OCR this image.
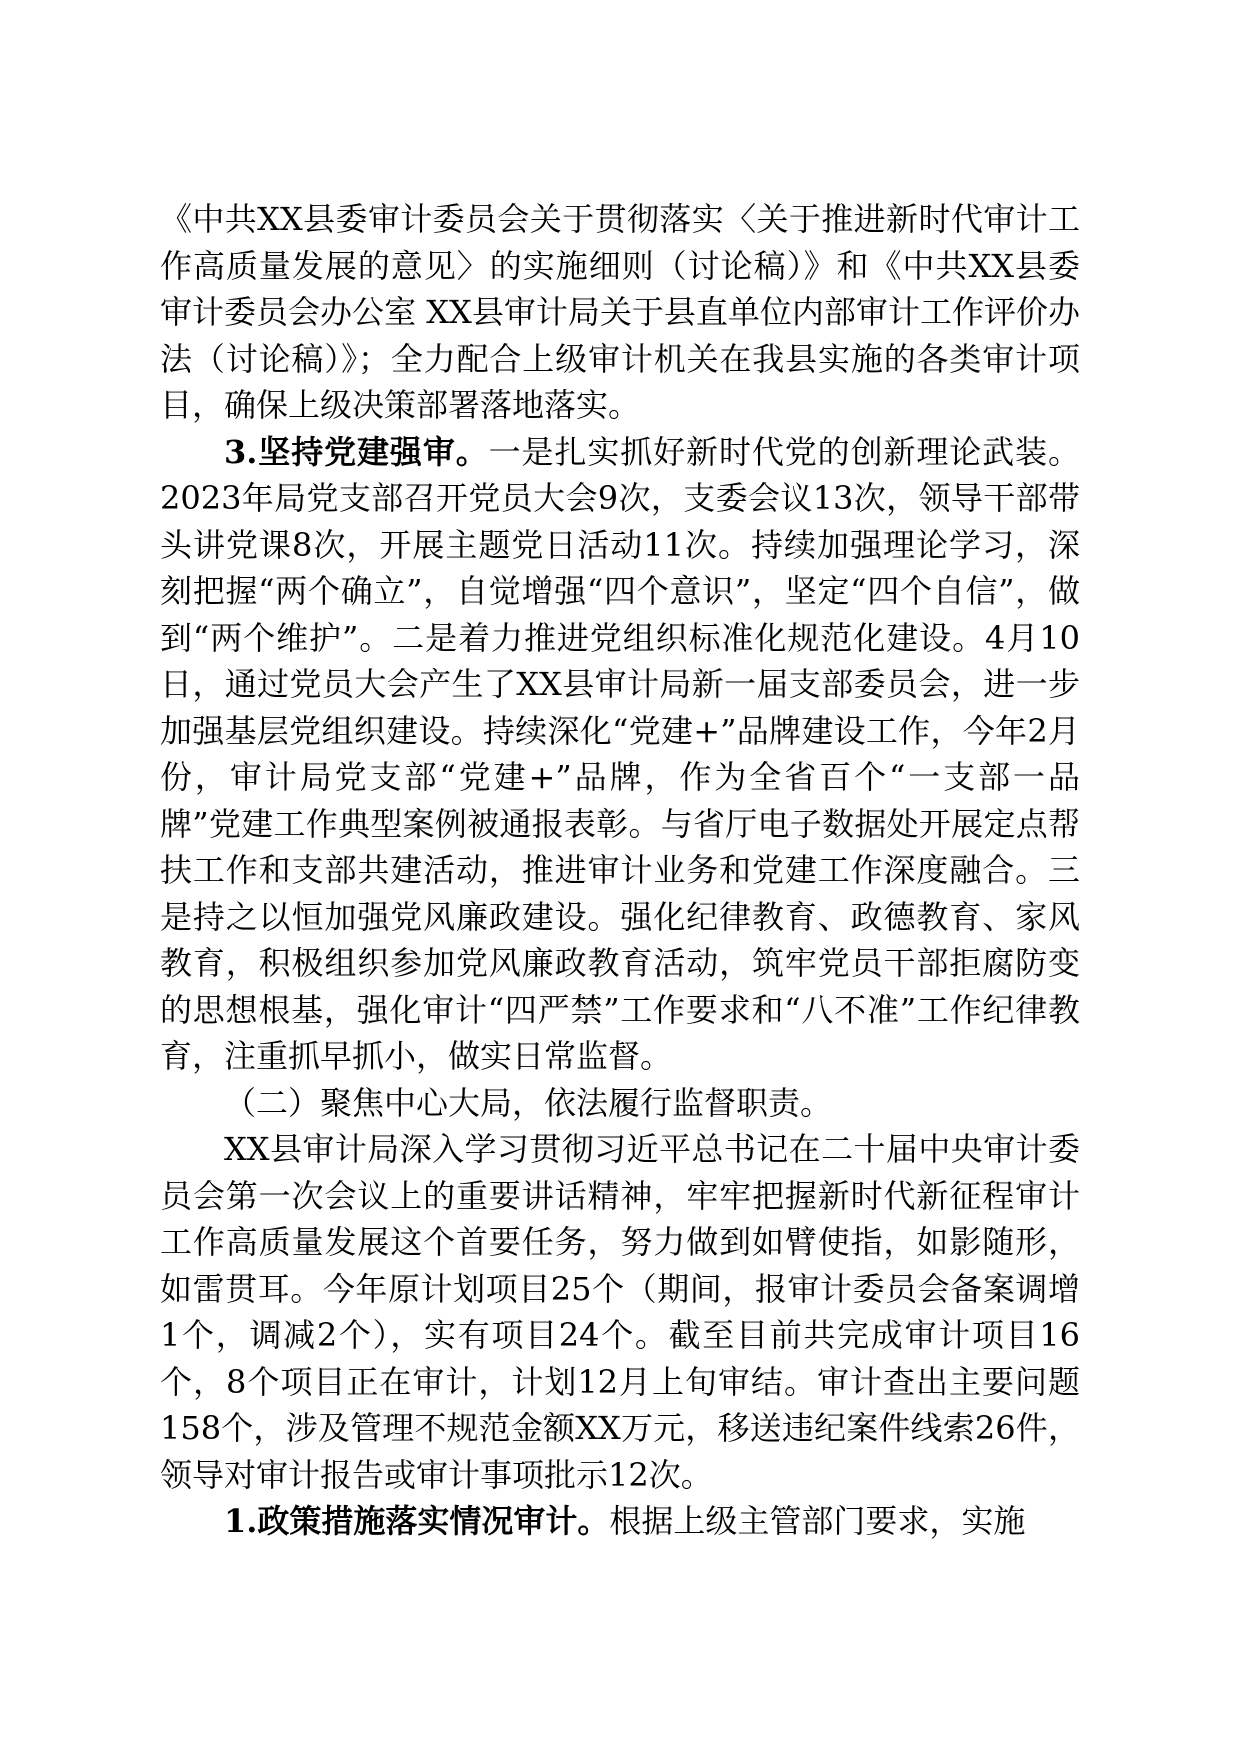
《中共XX县委审计委员会关于贯彻落实〈关于推进新时代审计工作高质量发展的意见〉的实施细则（讨论稿）》和《中共XX县委审计委员会办公室 XX县审计局关于县直单位内部审计工作评价办法（讨论稿）》；全力配合上级审计机关在我县实施的各类审计项目，确保上级决策部署落地落实。

3.坚持党建强审。一是扎实抓好新时代党的创新理论武装。2023年局党支部召开党员大会9次，支委会议13次，领导干部带头讲党课8次，开展主题党日活动11次。持续加强理论学习，深刻把握“两个确立”，自觉增强“四个意识”，坚定“四个自信”，做到“两个维护”。二是着力推进党组织标准化规范化建设。4月10日，通过党员大会产生了XX县审计局新一届支部委员会，进一步加强基层党组织建设。持续深化“党建+”品牌建设工作，今年2月份，审计局党支部“党建+”品牌，作为全省百个“一支部一品牌”党建工作典型案例被通报表彰。与省厅电子数据处开展定点帮扶工作和支部共建活动，推进审计业务和党建工作深度融合。三是持之以恒加强党风廉政建设。强化纪律教育、政德教育、家风教育，积极组织参加党风廉政教育活动，筑牢党员干部拒腐防变的思想根基，强化审计“四严禁”工作要求和“八不准”工作纪律教育，注重抓早抓小，做实日常监督。

（二）聚焦中心大局，依法履行监督职责。

XX县审计局深入学习贯彻习近平总书记在二十届中央审计委员会第一次会议上的重要讲话精神，牢牢把握新时代新征程审计工作高质量发展这个首要任务，努力做到如臂使指，如影随形，如雷贯耳。今年原计划项目25个（期间，报审计委员会备案调增1个，调减2个），实有项目24个。截至目前共完成审计项目16个，8个项目正在审计，计划12月上旬审结。审计查出主要问题158个，涉及管理不规范金额XX万元，移送违纪案件线索26件，领导对审计报告或审计事项批示12次。

1.政策措施落实情况审计。根据上级主管部门要求，实施
